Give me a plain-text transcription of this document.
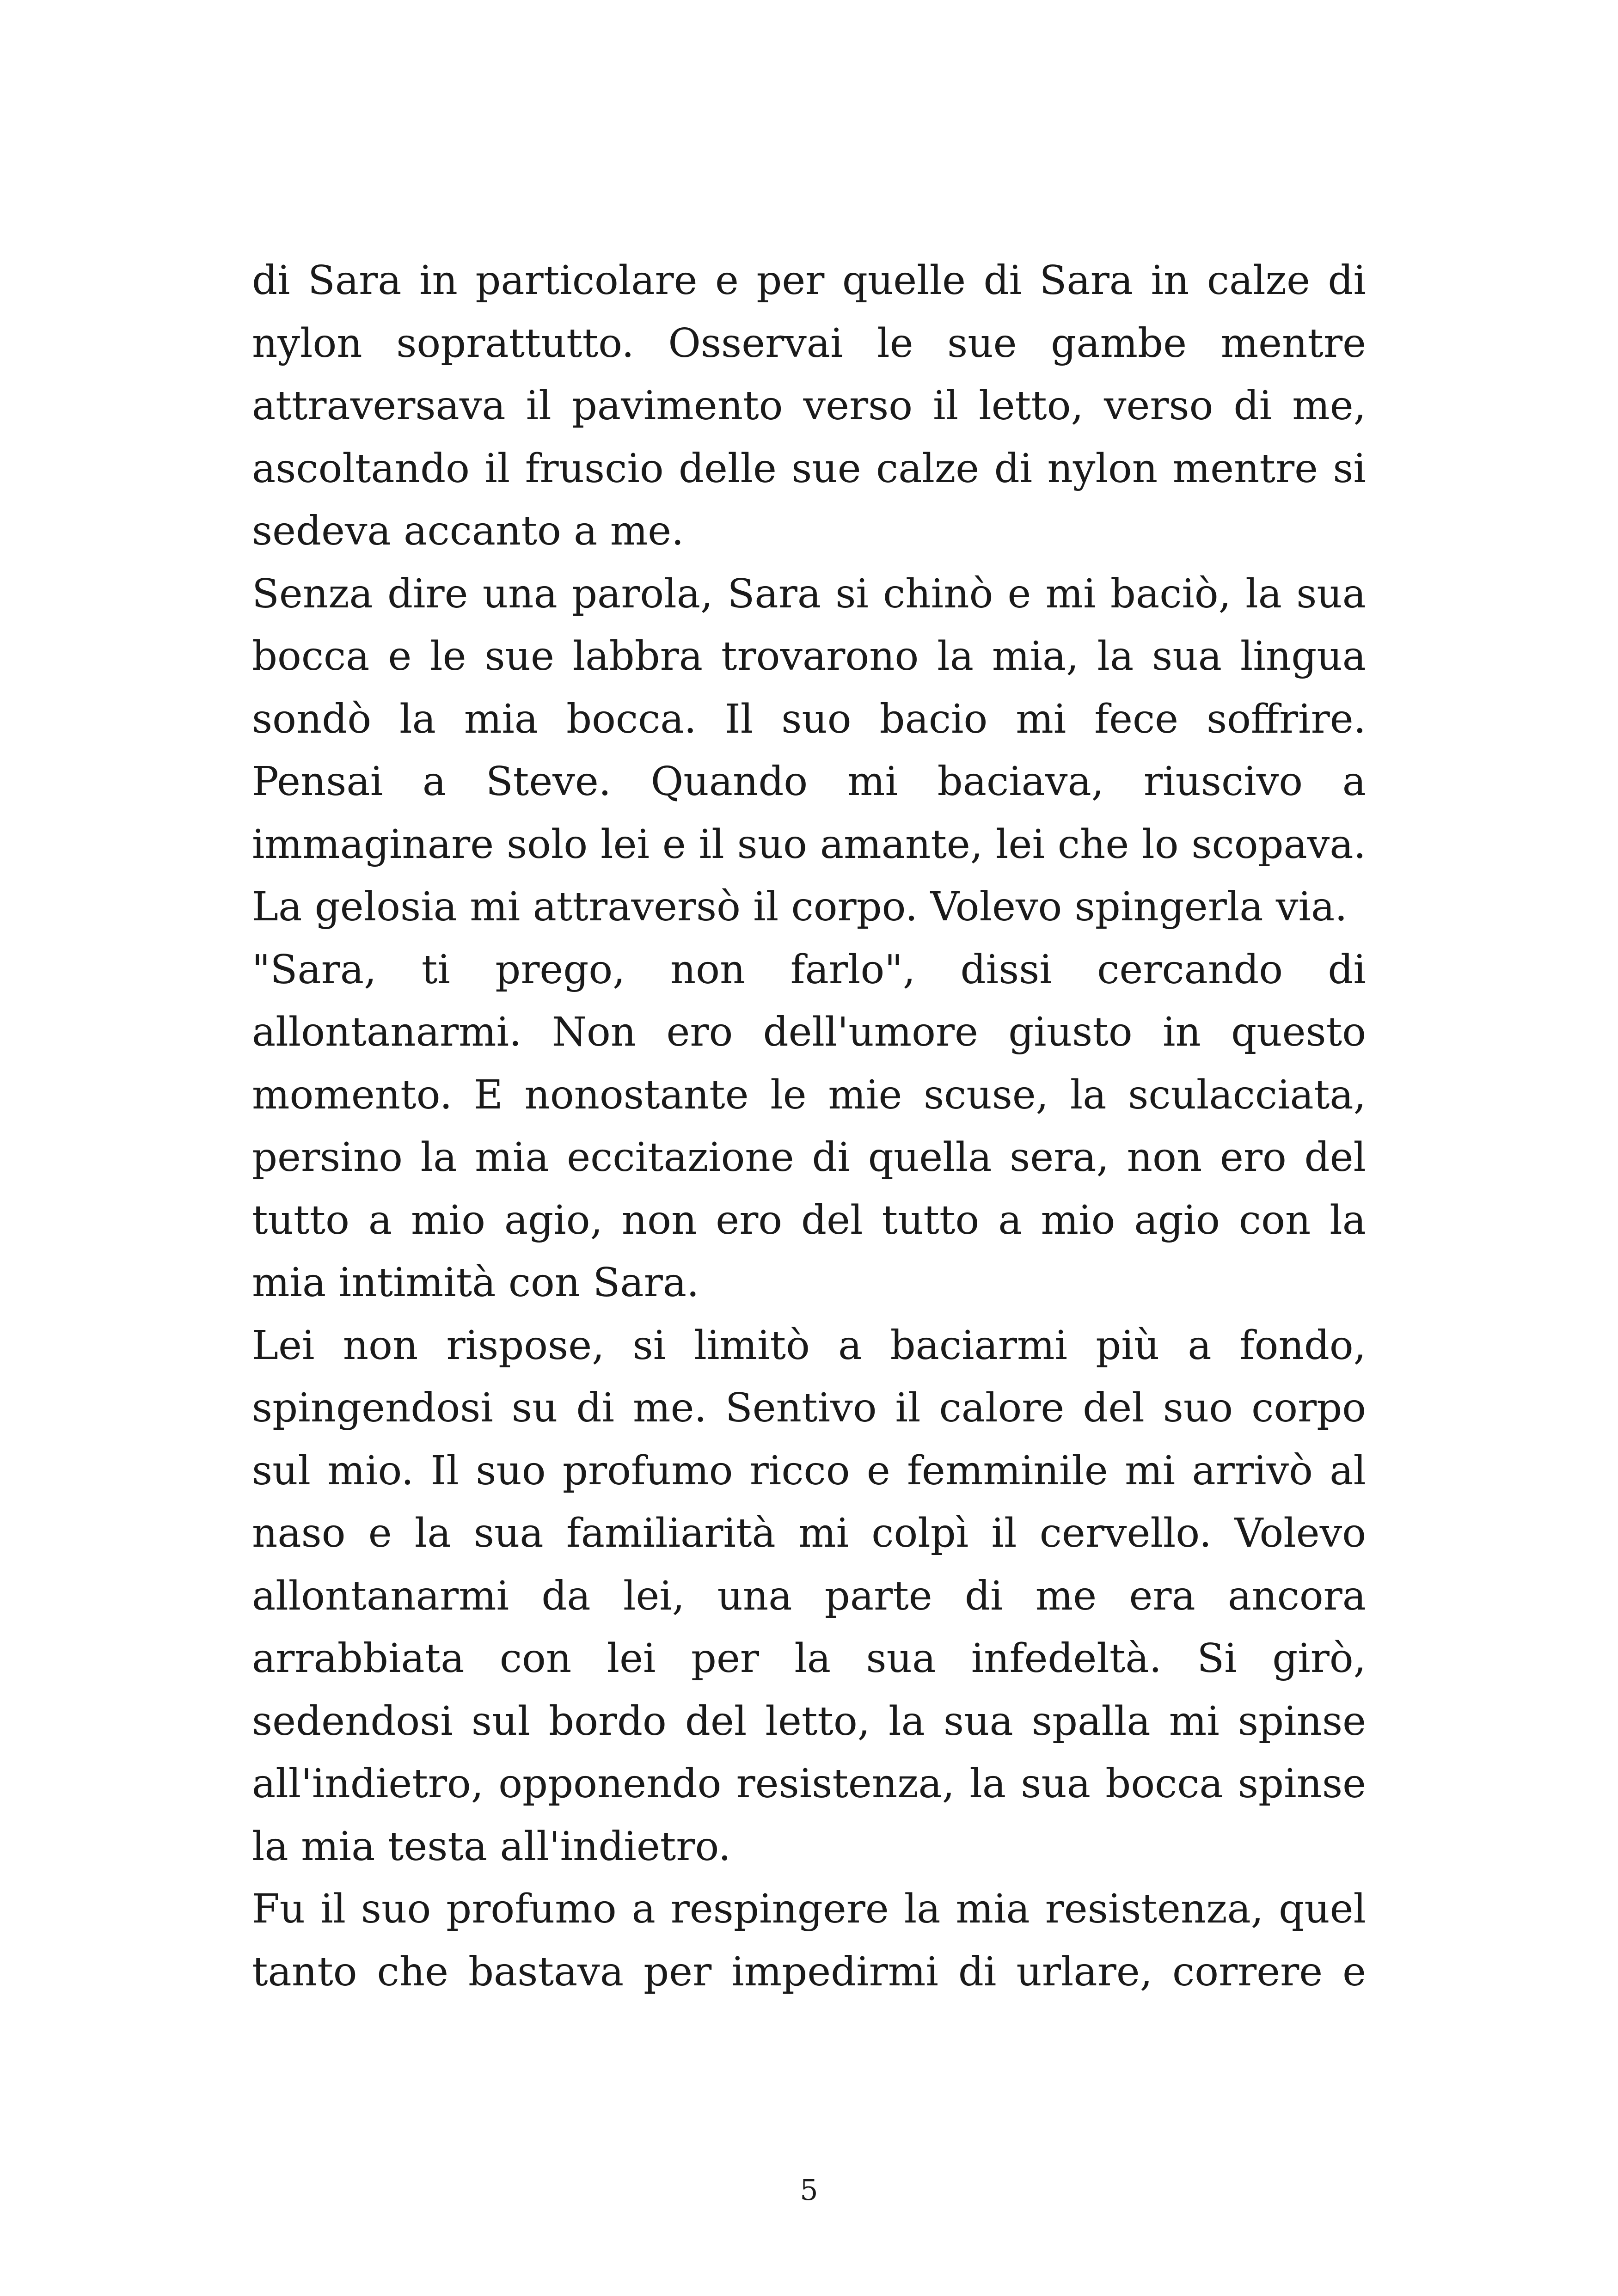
di Sara in particolare e per quelle di Sara in calze di nylon soprattutto. Osservai le sue gambe mentre attraversava il pavimento verso il letto, verso di me, ascoltando il fruscio delle sue calze di nylon mentre si sedeva accanto a me.

Senza dire una parola, Sara si chinò e mi baciò, la sua bocca e le sue labbra trovarono la mia, la sua lingua sondò la mia bocca. Il suo bacio mi fece soffrire. Pensai a Steve. Quando mi baciava, riuscivo a immaginare solo lei e il suo amante, lei che lo scopava. La gelosia mi attraversò il corpo. Volevo spingerla via.

"Sara, ti prego, non farlo", dissi cercando di allontanarmi. Non ero dell'umore giusto in questo momento. E nonostante le mie scuse, la sculacciata, persino la mia eccitazione di quella sera, non ero del tutto a mio agio, non ero del tutto a mio agio con la mia intimità con Sara.

Lei non rispose, si limitò a baciarmi più a fondo, spingendosi su di me. Sentivo il calore del suo corpo sul mio. Il suo profumo ricco e femminile mi arrivò al naso e la sua familiarità mi colpì il cervello. Volevo allontanarmi da lei, una parte di me era ancora arrabbiata con lei per la sua infedeltà. Si girò, sedendosi sul bordo del letto, la sua spalla mi spinse all'indietro, opponendo resistenza, la sua bocca spinse la mia testa all'indietro.

Fu il suo profumo a respingere la mia resistenza, quel tanto che bastava per impedirmi di urlare, correre e

5
